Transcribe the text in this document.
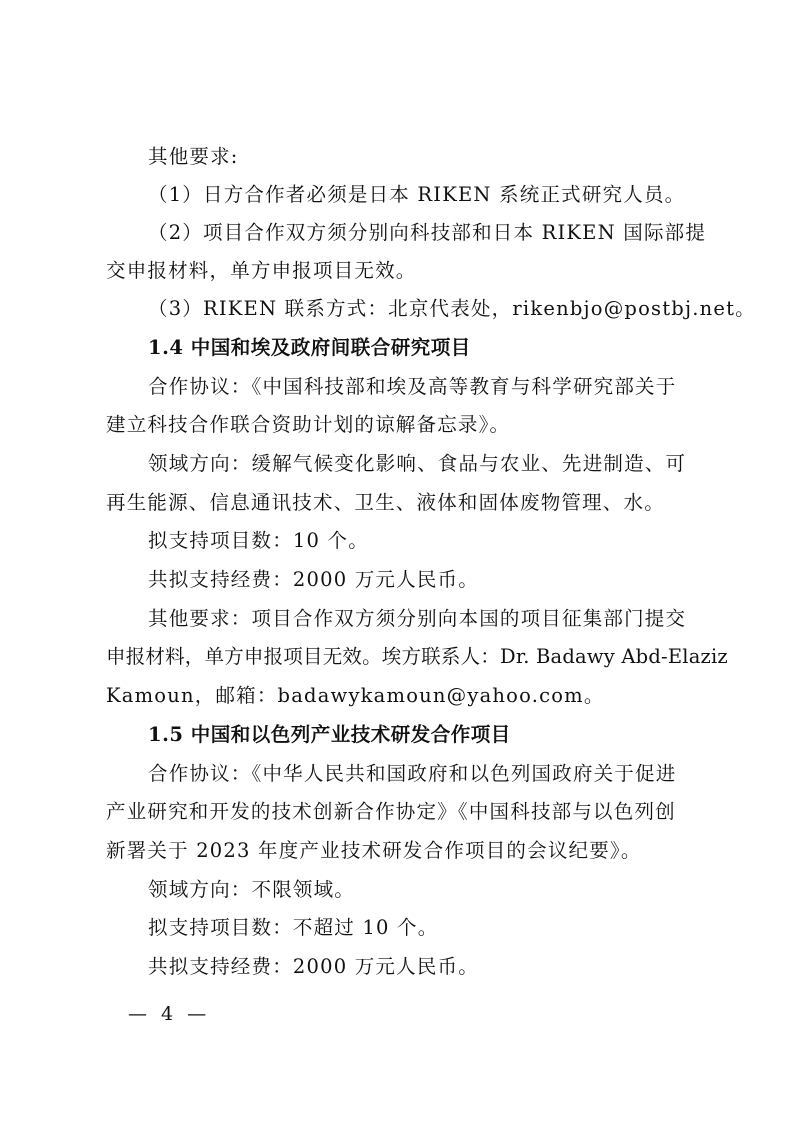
其他要求:
（1）日方合作者必须是日本 RIKEN 系统正式研究人员。
（2）项目合作双方须分别向科技部和日本 RIKEN 国际部提
交申报材料，单方申报项目无效。
（3）RIKEN 联系方式：北京代表处，rikenbjo@postbj.net。
1.4 中国和埃及政府间联合研究项目
合作协议：《中国科技部和埃及高等教育与科学研究部关于
建立科技合作联合资助计划的谅解备忘录》。
领域方向：缓解气候变化影响、食品与农业、先进制造、可
再生能源、信息通讯技术、卫生、液体和固体废物管理、水。
拟支持项目数：10 个。
共拟支持经费：2000 万元人民币。
其他要求：项目合作双方须分别向本国的项目征集部门提交
申报材料，单方申报项目无效。埃方联系人：Dr. Badawy Abd-Elaziz
Kamoun，邮箱：badawykamoun@yahoo.com。
1.5 中国和以色列产业技术研发合作项目
合作协议：《中华人民共和国政府和以色列国政府关于促进
产业研究和开发的技术创新合作协定》《中国科技部与以色列创
新署关于 2023 年度产业技术研发合作项目的会议纪要》。
领域方向：不限领域。
拟支持项目数：不超过 10 个。
共拟支持经费：2000 万元人民币。
— 4 —
